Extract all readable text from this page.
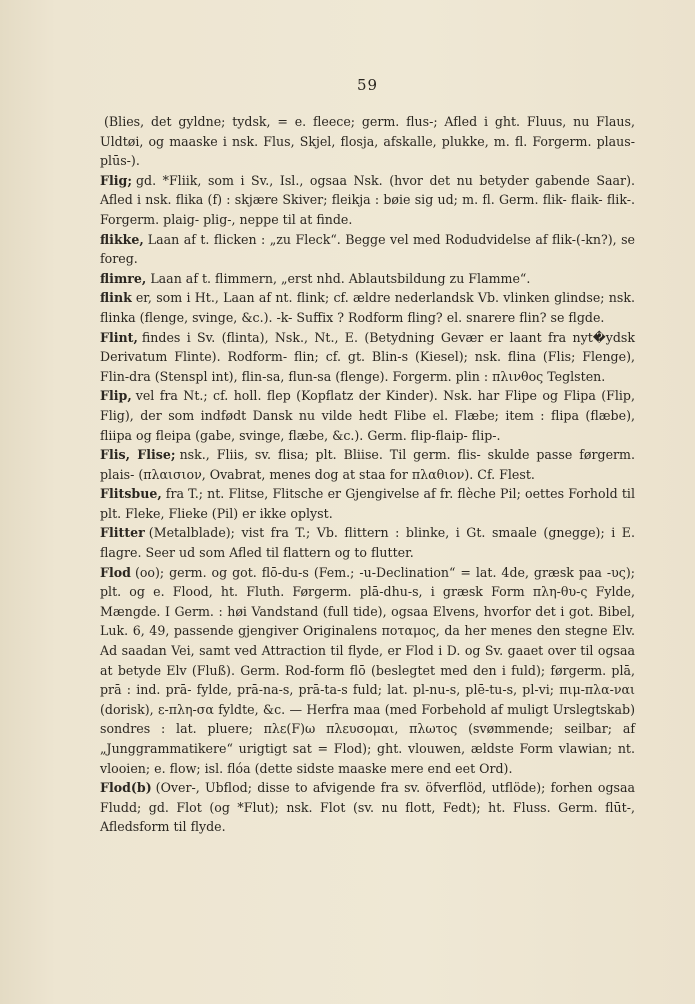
59

(Blies, det gyldne; tydsk, = e. fleece; germ. flus-; Afled i ght. Fluus, nu Flaus, Uldtøi, og maaske i nsk. Flus, Skjel, flosja, afskalle, plukke, m. fl. Forgerm. plaus- plūs-).

Flig; gd. *Fliik, som i Sv., Isl., ogsaa Nsk. (hvor det nu betyder gabende Saar). Afled i nsk. flika (f) : skjære Skiver; fleikja : bøie sig ud; m. fl. Germ. flik- flaik- flik-. Forgerm. plaig- plig-, neppe til at finde.

flikke, Laan af t. flicken : „zu Fleck“. Begge vel med Rodudvidelse af flik-(-kn?), se foreg.

flimre, Laan af t. flimmern, „erst nhd. Ablautsbildung zu Flamme“.

flink er, som i Ht., Laan af nt. flink; cf. ældre nederlandsk Vb. vlinken glindse; nsk. flinka (flenge, svinge, &c.). -k- Suffix ? Rodform fling? el. snarere flin? se flgde.

Flint, findes i Sv. (flinta), Nsk., Nt., E. (Betydning Gevær er laant fra nyt�ydsk Derivatum Flinte). Rodform- flin; cf. gt. Blin-s (Kiesel); nsk. flina (Flis; Flenge), Flin-dra (Stenspl int), flin-sa, flun-sa (flenge). Forgerm. plin : πλινθος Teglsten.

Flip, vel fra Nt.; cf. holl. flep (Kopflatz der Kinder). Nsk. har Flipe og Flipa (Flip, Flig), der som indfødt Dansk nu vilde hedt Flibe el. Flæbe; item : flipa (flæbe), fliipa og fleipa (gabe, svinge, flæbe, &c.). Germ. flip-flaip- flip-.

Flis, Flise; nsk., Fliis, sv. flisa; plt. Bliise. Til germ. flis- skulde passe førgerm. plais- (πλαισιον, Ovabrat, menes dog at staa for πλαθιον). Cf. Flest.

Flitsbue, fra T.; nt. Flitse, Flitsche er Gjengivelse af fr. flèche Pil; oettes Forhold til plt. Fleke, Flieke (Pil) er ikke oplyst.

Flitter (Metalblade); vist fra T.; Vb. flittern : blinke, i Gt. smaale (gnegge); i E. flagre. Seer ud som Afled til flattern og to flutter.

Flod (oo); germ. og got. flō-du-s (Fem.; -u-Declination“ = lat. 4de, græsk paa -υς); plt. og e. Flood, ht. Fluth. Førgerm. plā-dhu-s, i græsk Form πλη-θυ-ς Fylde, Mængde. I Germ. : høi Vandstand (full tide), ogsaa Elvens, hvorfor det i got. Bibel, Luk. 6, 49, passende gjengiver Originalens ποταμος, da her menes den stegne Elv. Ad saadan Vei, samt ved Attraction til flyde, er Flod i D. og Sv. gaaet over til ogsaa at betyde Elv (Fluß). Germ. Rod-form flō (beslegtet med den i fuld); førgerm. plā, prā : ind. prā- fylde, prā-na-s, prā-ta-s fuld; lat. pl-nu-s, plē-tu-s, pl-vi; πιμ-πλα-ναι (dorisk), ε-πλη-σα fyldte, &c. — Herfra maa (med Forbehold af muligt Urslegtskab) sondres : lat. pluere; πλε(F)ω πλευσομαι, πλωτος (svømmende; seilbar; af „Junggrammatikere“ urigtigt sat = Flod); ght. vlouwen, ældste Form vlawian; nt. vlooien; e. flow; isl. flóa (dette sidste maaske mere end eet Ord).

Flod(b) (Over-, Ubflod; disse to afvigende fra sv. öfverflöd, utflöde); forhen ogsaa Fludd; gd. Flot (og *Flut); nsk. Flot (sv. nu flott, Fedt); ht. Fluss. Germ. flūt-, Afledsform til flyde.
